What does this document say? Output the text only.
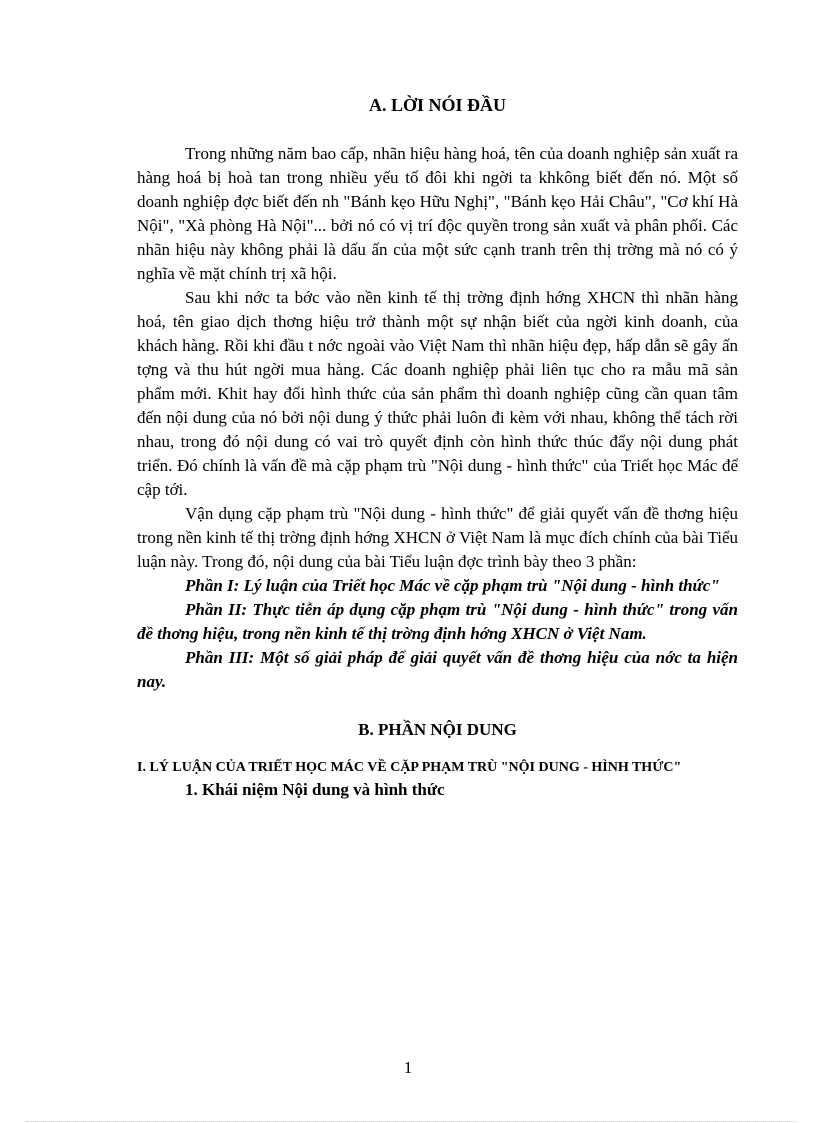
A. LỜI NÓI ĐẦU

Trong những năm bao cấp, nhãn hiệu hàng hoá, tên của doanh nghiệp sản xuất ra hàng hoá bị hoà tan trong nhiều yếu tố đôi khi ngời ta khkông biết đến nó. Một số doanh nghiệp đợc biết đến nh "Bánh kẹo Hữu Nghị", "Bánh kẹo Hải Châu", "Cơ khí Hà Nội", "Xà phòng Hà Nội"... bởi nó có vị trí độc quyền trong sản xuất và phân phối. Các nhãn hiệu này không phải là dấu ấn của một sức cạnh tranh trên thị trờng mà nó có ý nghĩa về mặt chính trị xã hội.

Sau khi nớc ta bớc vào nền kinh tế thị trờng định hớng XHCN thì nhãn hàng hoá, tên giao dịch thơng hiệu trở thành một sự nhận biết của ngời kinh doanh, của khách hàng. Rồi khi đầu t nớc ngoài vào Việt Nam thì nhãn hiệu đẹp, hấp dẫn sẽ gây ấn tợng và thu hút ngời mua hàng. Các doanh nghiệp phải liên tục cho ra mẫu mã sản phẩm mới. Khit hay đổi hình thức của sản phẩm thì doanh nghiệp cũng cần quan tâm đến nội dung của nó bởi nội dung ý thức phải luôn đi kèm với nhau, không thể tách rời nhau, trong đó nội dung có vai trò quyết định còn hình thức thúc đẩy nội dung phát triển. Đó chính là vấn đề mà cặp phạm trù "Nội dung - hình thức" của Triết học Mác để cập tới.

Vận dụng cặp phạm trù "Nội dung - hình thức" để giải quyết vấn đề thơng hiệu trong nền kinh tế thị trờng định hớng XHCN ở Việt Nam là mục đích chính của bài Tiểu luận này. Trong đó, nội dung của bài Tiểu luận đợc trình bày theo 3 phần:

Phần I: Lý luận của Triết học Mác về cặp phạm trù "Nội dung - hình thức"

Phần II: Thực tiễn áp dụng cặp phạm trù "Nội dung - hình thức" trong vấn đề thơng hiệu, trong nền kinh tế thị trờng định hớng XHCN ở Việt Nam.

Phần III: Một số giải pháp để giải quyết vấn đề thơng hiệu của nớc ta hiện nay.

B. PHẦN NỘI DUNG

I. LÝ LUẬN CỦA TRIẾT HỌC MÁC VỀ CẶP PHẠM TRÙ "NỘI DUNG - HÌNH THỨC"

1. Khái niệm Nội dung và hình thức

1
